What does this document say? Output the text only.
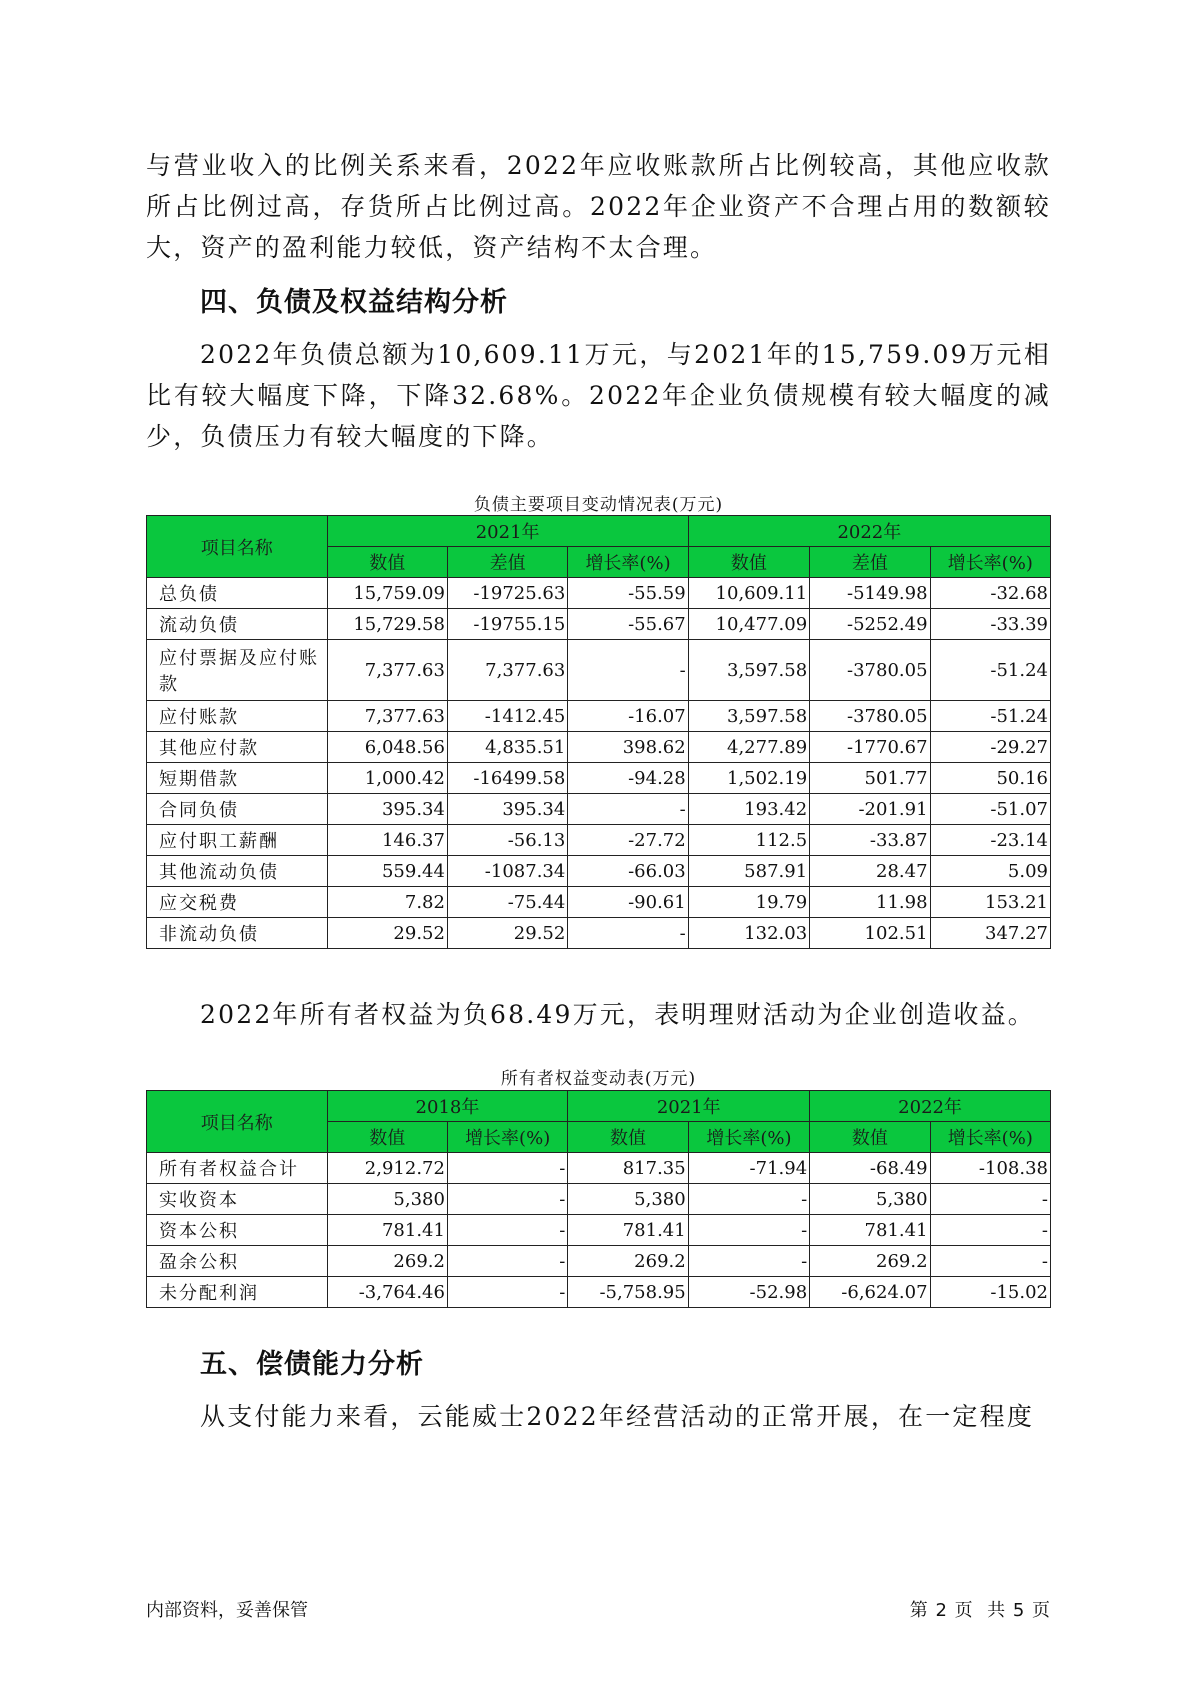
与营业收入的比例关系来看，2022年应收账款所占比例较高，其他应收款所占比例过高，存货所占比例过高。2022年企业资产不合理占用的数额较大，资产的盈利能力较低，资产结构不太合理。
四、负债及权益结构分析
2022年负债总额为10,609.11万元，与2021年的15,759.09万元相比有较大幅度下降，下降32.68%。2022年企业负债规模有较大幅度的减少，负债压力有较大幅度的下降。
负债主要项目变动情况表(万元)
项目名称	2021年			2022年		
	数值	差值	增长率(%)	数值	差值	增长率(%)
总负债	15,759.09	-19725.63	-55.59	10,609.11	-5149.98	-32.68
流动负债	15,729.58	-19755.15	-55.67	10,477.09	-5252.49	-33.39
应付票据及应付账款	7,377.63	7,377.63	-	3,597.58	-3780.05	-51.24
应付账款	7,377.63	-1412.45	-16.07	3,597.58	-3780.05	-51.24
其他应付款	6,048.56	4,835.51	398.62	4,277.89	-1770.67	-29.27
短期借款	1,000.42	-16499.58	-94.28	1,502.19	501.77	50.16
合同负债	395.34	395.34	-	193.42	-201.91	-51.07
应付职工薪酬	146.37	-56.13	-27.72	112.5	-33.87	-23.14
其他流动负债	559.44	-1087.34	-66.03	587.91	28.47	5.09
应交税费	7.82	-75.44	-90.61	19.79	11.98	153.21
非流动负债	29.52	29.52	-	132.03	102.51	347.27
2022年所有者权益为负68.49万元，表明理财活动为企业创造收益。
所有者权益变动表(万元)
项目名称	2018年		2021年		2022年	
	数值	增长率(%)	数值	增长率(%)	数值	增长率(%)
所有者权益合计	2,912.72	-	817.35	-71.94	-68.49	-108.38
实收资本	5,380	-	5,380	-	5,380	-
资本公积	781.41	-	781.41	-	781.41	-
盈余公积	269.2	-	269.2	-	269.2	-
未分配利润	-3,764.46	-	-5,758.95	-52.98	-6,624.07	-15.02
五、偿债能力分析
从支付能力来看，云能威士2022年经营活动的正常开展，在一定程度
内部资料，妥善保管	第 2 页  共 5 页
